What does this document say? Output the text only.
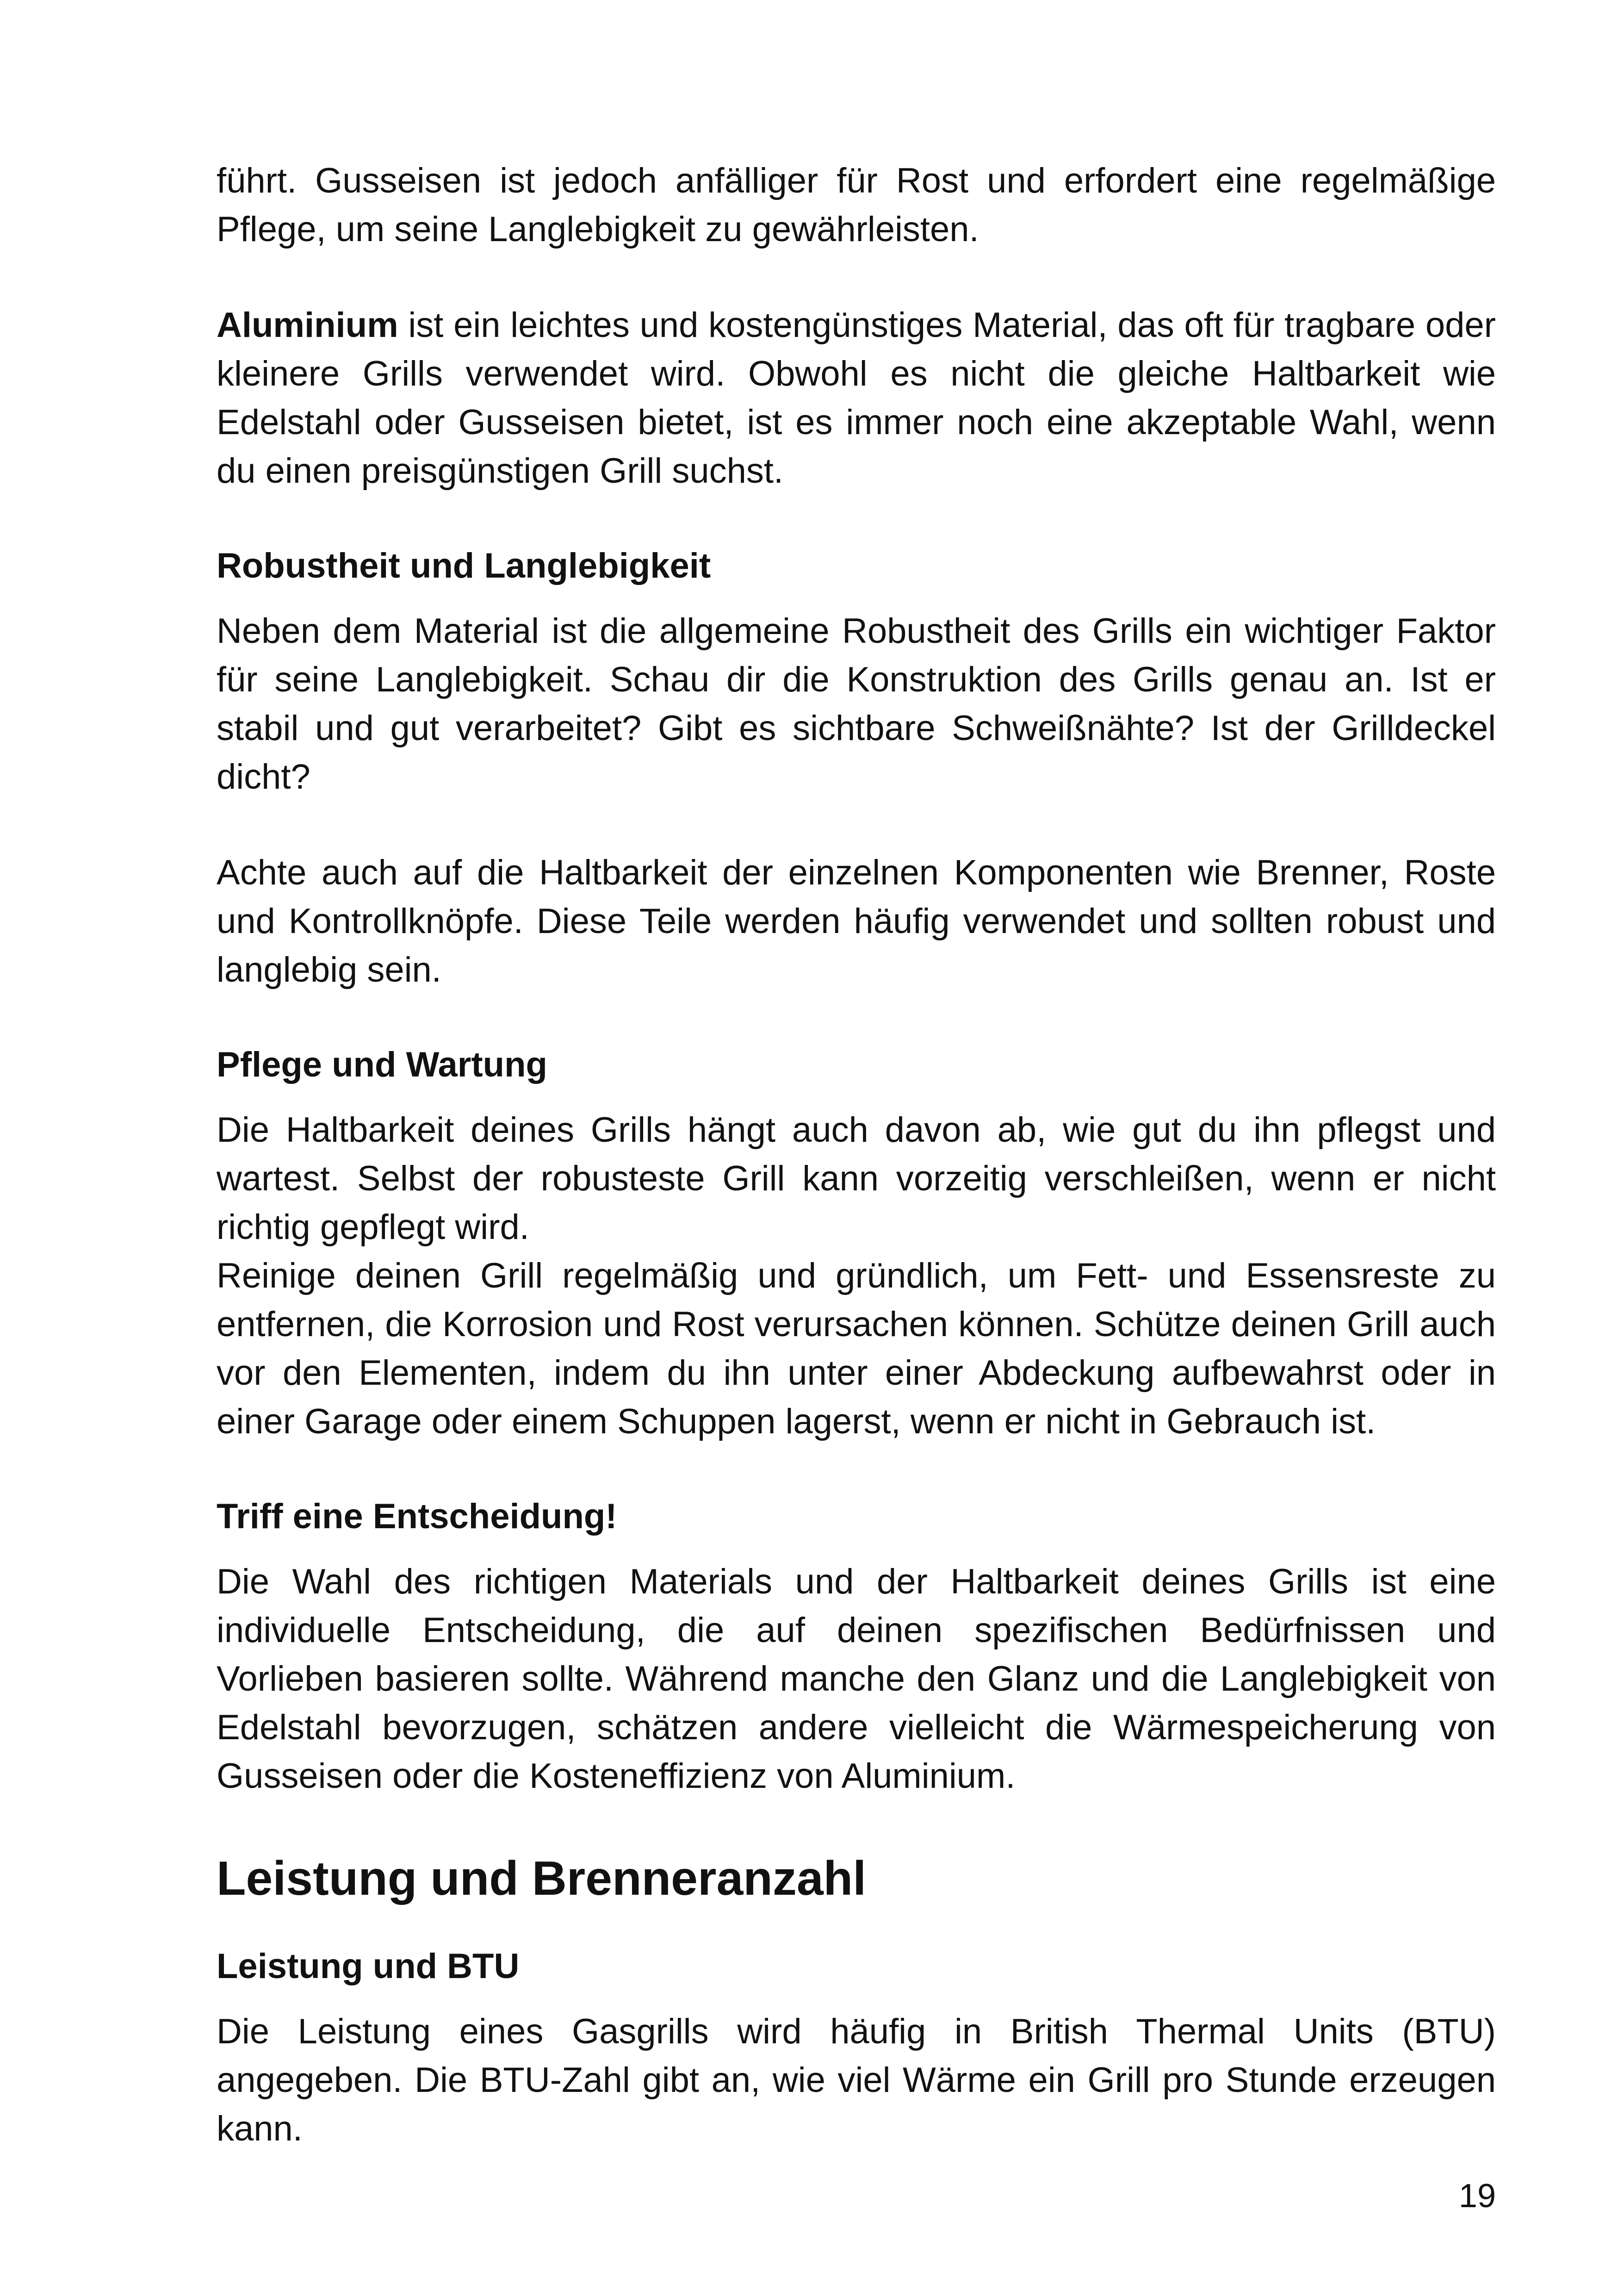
führt. Gusseisen ist jedoch anfälliger für Rost und erfordert eine regelmäßige Pflege, um seine Langlebigkeit zu gewährleisten.

Aluminium ist ein leichtes und kostengünstiges Material, das oft für tragbare oder kleinere Grills verwendet wird. Obwohl es nicht die gleiche Haltbarkeit wie Edelstahl oder Gusseisen bietet, ist es immer noch eine akzeptable Wahl, wenn du einen preisgünstigen Grill suchst.

Robustheit und Langlebigkeit

Neben dem Material ist die allgemeine Robustheit des Grills ein wichtiger Faktor für seine Langlebigkeit. Schau dir die Konstruktion des Grills genau an. Ist er stabil und gut verarbeitet? Gibt es sichtbare Schweißnähte? Ist der Grilldeckel dicht?

Achte auch auf die Haltbarkeit der einzelnen Komponenten wie Brenner, Roste und Kontrollknöpfe. Diese Teile werden häufig verwendet und sollten robust und langlebig sein.

Pflege und Wartung

Die Haltbarkeit deines Grills hängt auch davon ab, wie gut du ihn pflegst und wartest. Selbst der robusteste Grill kann vorzeitig verschleißen, wenn er nicht richtig gepflegt wird.

Reinige deinen Grill regelmäßig und gründlich, um Fett- und Essensreste zu entfernen, die Korrosion und Rost verursachen können. Schütze deinen Grill auch vor den Elementen, indem du ihn unter einer Abdeckung aufbewahrst oder in einer Garage oder einem Schuppen lagerst, wenn er nicht in Gebrauch ist.

Triff eine Entscheidung!

Die Wahl des richtigen Materials und der Haltbarkeit deines Grills ist eine individuelle Entscheidung, die auf deinen spezifischen Bedürfnissen und Vorlieben basieren sollte. Während manche den Glanz und die Langlebigkeit von Edelstahl bevorzugen, schätzen andere vielleicht die Wärmespeicherung von Gusseisen oder die Kosteneffizienz von Aluminium.

Leistung und Brenneranzahl
Leistung und BTU

Die Leistung eines Gasgrills wird häufig in British Thermal Units (BTU) angegeben. Die BTU-Zahl gibt an, wie viel Wärme ein Grill pro Stunde erzeugen kann.

19
